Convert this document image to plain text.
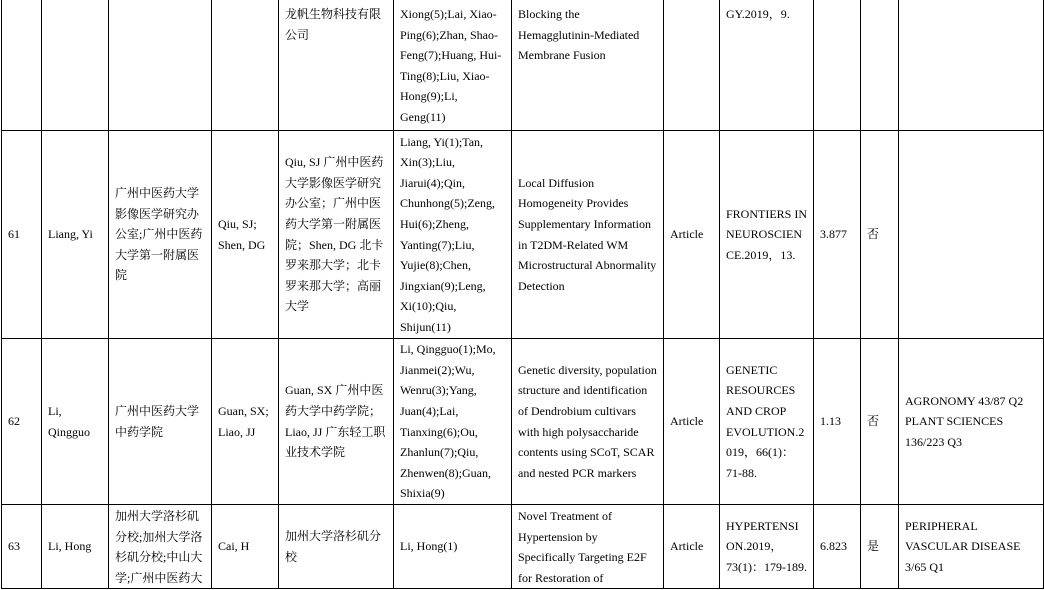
				龙帆生物科技有限公司	Xiong(5);Lai, Xiao-Ping(6);Zhan, Shao-Feng(7);Huang, Hui-Ting(8);Liu, Xiao-Hong(9);Li, Geng(11)	Blocking the Hemagglutinin-Mediated Membrane Fusion		GY.2019，9.			
61	Liang, Yi	广州中医药大学影像医学研究办公室;广州中医药大学第一附属医院	Qiu, SJ; Shen, DG	Qiu, SJ 广州中医药大学影像医学研究办公室；广州中医药大学第一附属医院；Shen, DG 北卡罗来那大学；北卡罗来那大学；高丽大学	Liang, Yi(1);Tan, Xin(3);Liu, Jiarui(4);Qin, Chunhong(5);Zeng, Hui(6);Zheng, Yanting(7);Liu, Yujie(8);Chen, Jingxian(9);Leng, Xi(10);Qiu, Shijun(11)	Local Diffusion Homogeneity Provides Supplementary Information in T2DM-Related WM Microstructural Abnormality Detection	Article	FRONTIERS IN NEUROSCIENCE.2019，13.	3.877	否	
62	Li, Qingguo	广州中医药大学中药学院	Guan, SX; Liao, JJ	Guan, SX 广州中医药大学中药学院；Liao, JJ 广东轻工职业技术学院	Li, Qingguo(1);Mo, Jianmei(2);Wu, Wenru(3);Yang, Juan(4);Lai, Tianxing(6);Ou, Zhanlun(7);Qiu, Zhenwen(8);Guan, Shixia(9)	Genetic diversity, population structure and identification of Dendrobium cultivars with high polysaccharide contents using SCoT, SCAR and nested PCR markers	Article	GENETIC RESOURCES AND CROP EVOLUTION.2019，66(1)：71-88.	1.13	否	AGRONOMY 43/87 Q2 PLANT SCIENCES 136/223 Q3
63	Li, Hong	加州大学洛杉矶分校;加州大学洛杉矶分校;中山大学;广州中医药大	Cai, H	加州大学洛杉矶分校	Li, Hong(1)	Novel Treatment of Hypertension by Specifically Targeting E2F for Restoration of	Article	HYPERTENSION.2019，73(1)：179-189.	6.823	是	PERIPHERAL VASCULAR DISEASE 3/65 Q1
